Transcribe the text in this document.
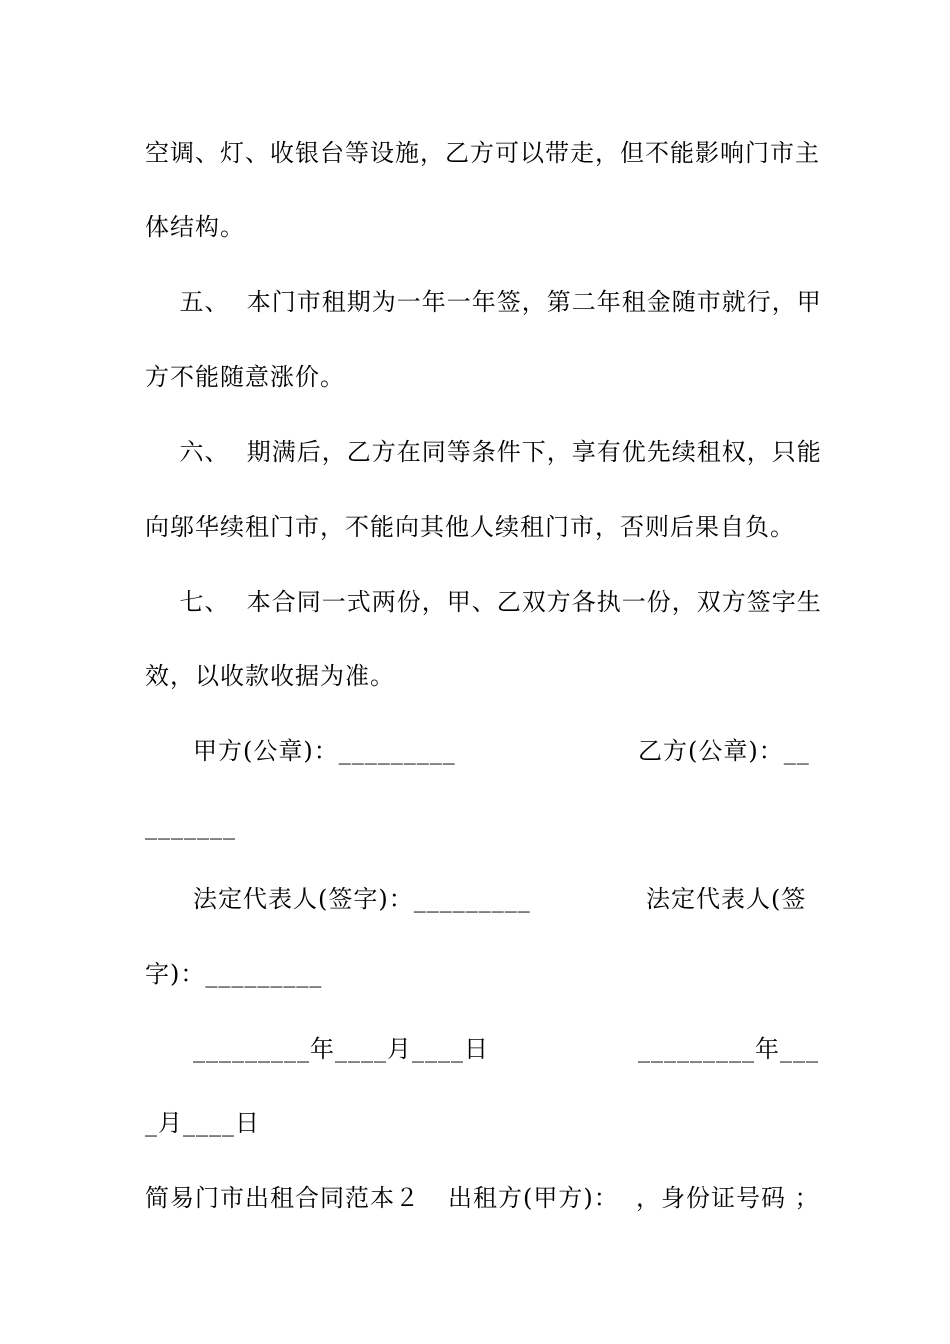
空调、灯、收银台等设施，乙方可以带走，但不能影响门市主
体结构。
五、  本门市租期为一年一年签，第二年租金随市就行，甲
方不能随意涨价。
六、  期满后，乙方在同等条件下，享有优先续租权，只能
向邬华续租门市，不能向其他人续租门市，否则后果自负。
七、  本合同一式两份，甲、乙双方各执一份，双方签字生
效，以收款收据为准。
甲方(公章)：_________	乙方(公章)：__
_______
法定代表人(签字)：_________	法定代表人(签
字)：_________
_________年____月____日	_________年___
_月____日
简易门市出租合同范本２ 出租方(甲方)：  ，身份证号码 ；
